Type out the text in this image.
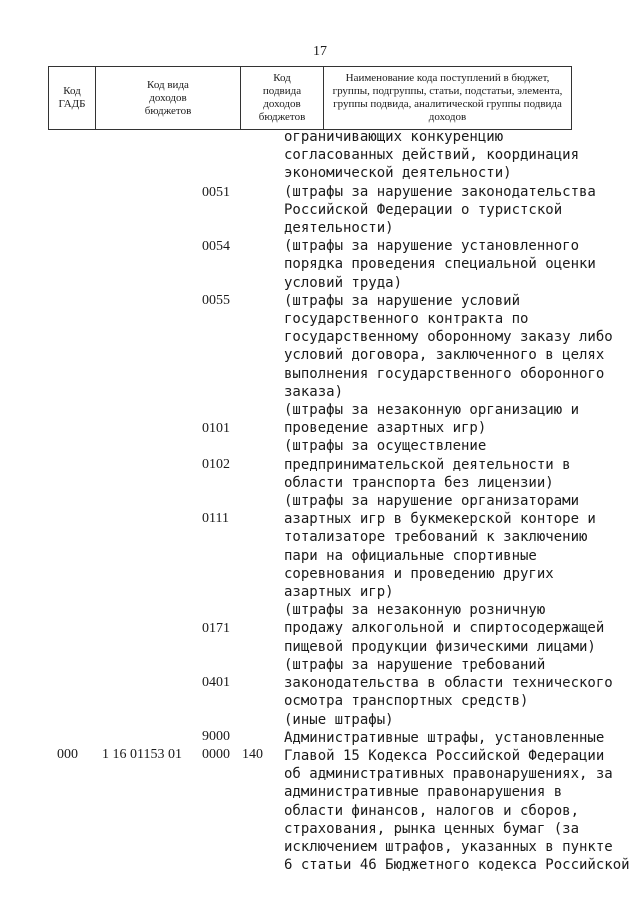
17
Код
ГАДБ
Код вида
доходов
бюджетов
Код
подвида
доходов
бюджетов
Наименование кода поступлений в бюджет,
группы, подгруппы, статьи, подстатьи, элемента,
группы подвида, аналитической группы подвида
доходов
ограничивающих конкуренцию
согласованных действий, координация
экономической деятельности)
(штрафы за нарушение законодательства
Российской Федерации о туристской
деятельности)
(штрафы за нарушение установленного
порядка проведения специальной оценки
условий труда)
(штрафы за нарушение условий
государственного контракта по
государственному оборонному заказу либо
условий договора, заключенного в целях
выполнения государственного оборонного
заказа)
(штрафы за незаконную организацию и
проведение азартных игр)
(штрафы за осуществление
предпринимательской деятельности в
области транспорта без лицензии)
(штрафы за нарушение организаторами
азартных игр в букмекерской конторе и
тотализаторе требований к заключению
пари на официальные спортивные
соревнования и проведению других
азартных игр)
(штрафы за незаконную розничную
продажу алкогольной и спиртосодержащей
пищевой продукции физическими лицами)
(штрафы за нарушение требований
законодательства в области технического
осмотра транспортных средств)
(иные штрафы)
Административные штрафы, установленные
Главой 15 Кодекса Российской Федерации
об административных правонарушениях, за
административные правонарушения в
области финансов, налогов и сборов,
страхования, рынка ценных бумаг (за
исключением штрафов, указанных в пункте
6 статьи 46 Бюджетного кодекса Российской
0051
0054
0055
0101
0102
0111
0171
0401
9000
000 1 16 01153 01 0000 140
